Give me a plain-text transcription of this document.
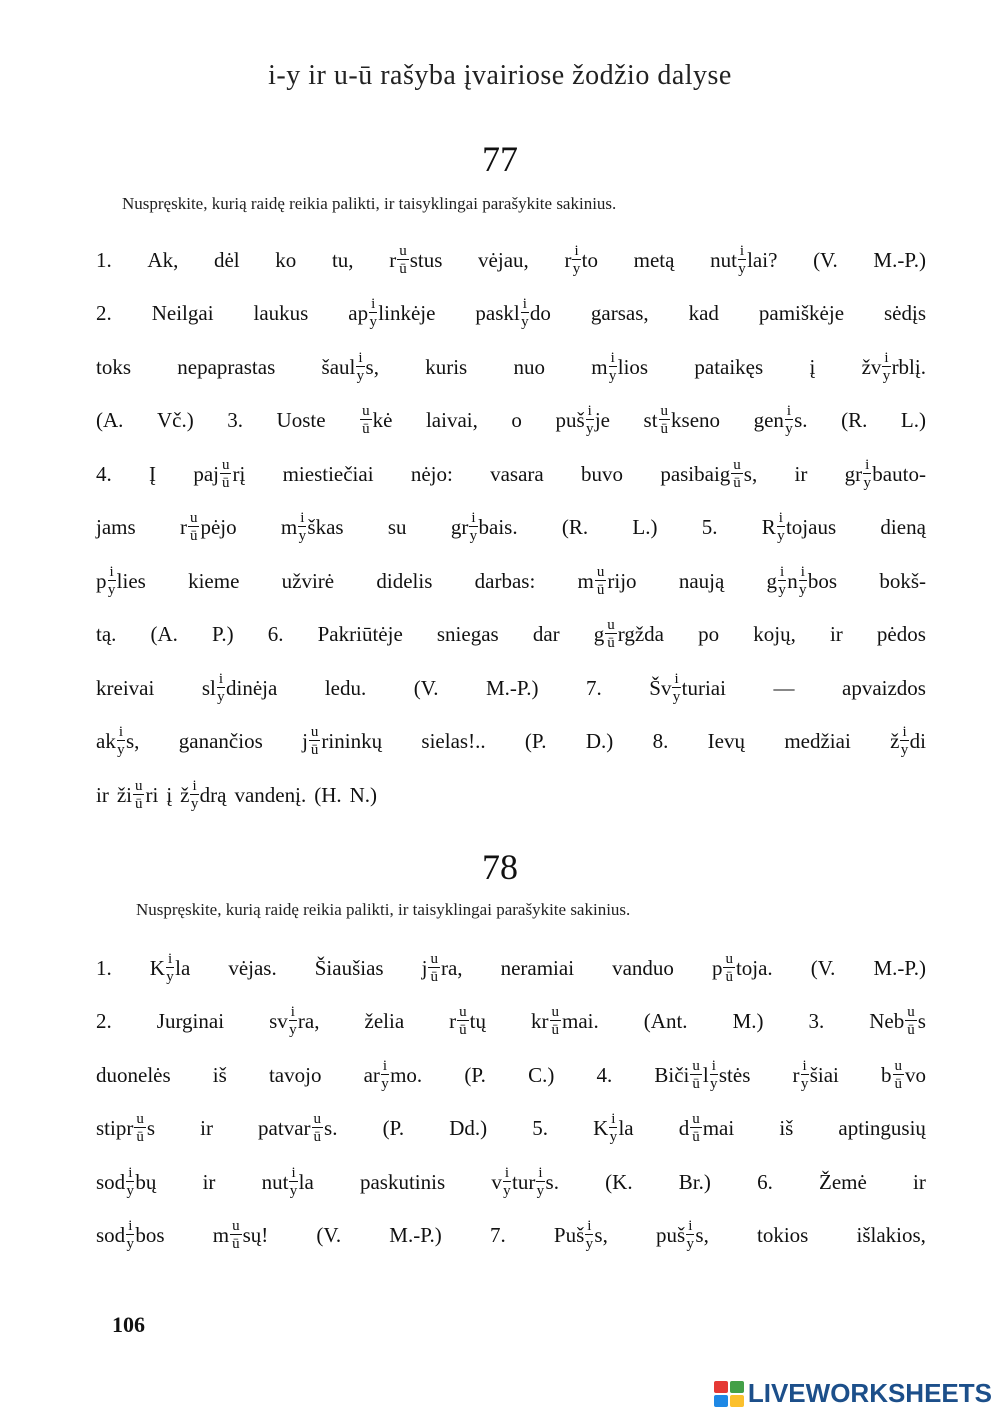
i-y ir u-ū rašyba įvairiose žodžio dalyse
77
Nuspręskite, kurią raidę reikia palikti, ir taisyklingai parašykite sakinius.
1. Ak, dėl ko tu, r $\frac{u}{ū}$ stus vėjau, r $\frac{i}{y}$ to metą nut $\frac{i}{y}$ lai? (V. M.-P.)
2. Neilgai laukus ap $\frac{i}{y}$ linkėje paskl $\frac{i}{y}$ do garsas, kad pamiškėje sėdįs
toks nepaprastas šaul $\frac{i}{y} s$, kuris nuo m $\frac{i}{y}$ lios pataikęs į žv $\frac{i}{y}$ rblį.
(A. Vč.) 3. Uoste $\frac{u}{ū}$ kė laivai, o puš $\frac{i}{y}$ je st $\frac{u}{ū}$ kseno gen $\frac{i}{y} s$. (R. L.)
4. Į paj $\frac{u}{ū}$ rį miestiečiai nėjo: vasara buvo pasibaig $\frac{u}{ū} s$, ir gr $\frac{i}{y}$ bauto-
jams r $\frac{u}{ū}$ pėjo m $\frac{i}{y}$ škas su gr $\frac{i}{y}$ bais. (R. L.) 5. R $\frac{i}{y}$ tojaus dieną
p $\frac{i}{y}$ lies kieme užvirė didelis darbas: m $\frac{u}{ū}$ rijo naują g $\frac{i}{y}$ n $\frac{i}{y}$ bos bokš-
tą. (A. P.) 6. Pakriūtėje sniegas dar g $\frac{u}{ū}$ rgžda po kojų, ir pėdos
kreivai sl $\frac{i}{y}$ dinėja ledu. (V. M.-P.) 7. Šv $\frac{i}{y}$ turiai — apvaizdos
ak $\frac{i}{y} s$, ganančios j $\frac{u}{ū}$ rininkų sielas!.. (P. D.) 8. Ievų medžiai ž $\frac{i}{y}$ di
ir ži $\frac{u}{ū}$ ri į ž $\frac{i}{y}$ drą vandenį. (H. N.)
78
Nuspręskite, kurią raidę reikia palikti, ir taisyklingai parašykite sakinius.
1. K $\frac{i}{y}$ la vėjas. Šiaušias j $\frac{u}{ū}$ ra, neramiai vanduo p $\frac{u}{ū}$ toja. (V. M.-P.)
2. Jurginai sv $\frac{i}{y}$ ra, želia r $\frac{u}{ū}$ tų kr $\frac{u}{ū}$ mai. (Ant. M.) 3. Neb $\frac{u}{ū}$ s
duonelės iš tavojo ar $\frac{i}{y}$ mo. (P. C.) 4. Biči $\frac{u}{ū}$ l $\frac{i}{y}$ stės r $\frac{i}{y}$ šiai b $\frac{u}{ū}$ vo
stipr $\frac{u}{ū}$ s ir patvar $\frac{u}{ū} s$. (P. Dd.) 5. K $\frac{i}{y}$ la d $\frac{u}{ū}$ mai iš aptingusių
sod $\frac{i}{y}$ bų ir nut $\frac{i}{y}$ la paskutinis v $\frac{i}{y}$ tur $\frac{i}{y} s$. (K. Br.) 6. Žemė ir
sod $\frac{i}{y}$ bos m $\frac{u}{ū}$ sų! (V. M.-P.) 7. Puš $\frac{i}{y} s$, puš $\frac{i}{y} s$, tokios išlakios,
106
LIVEWORKSHEETS
